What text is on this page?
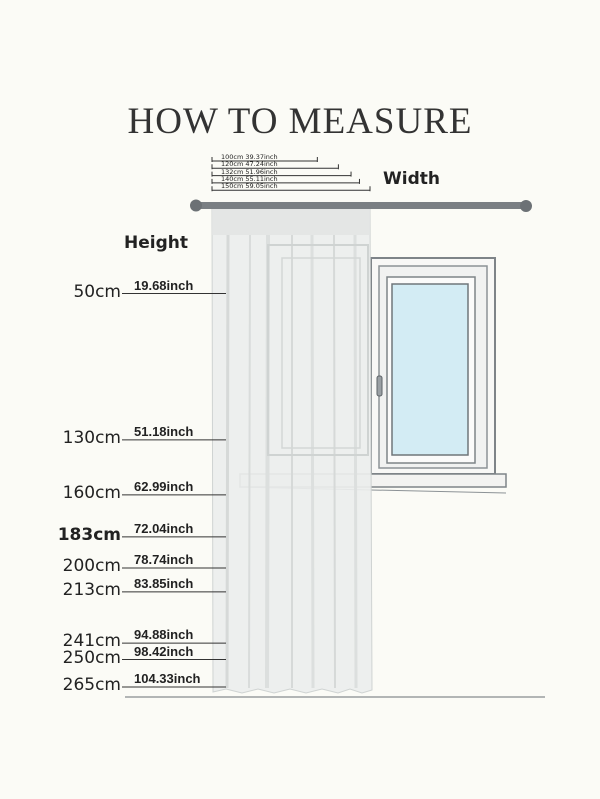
HOW TO MEASURE
Width
Height
100cm 39.37inch
120cm 47.24inch
132cm 51.96inch
140cm 55.11inch
150cm 59.05inch
50cm 19.68inch
130cm 51.18inch
160cm 62.99inch
183cm 72.04inch
200cm 78.74inch
213cm 83.85inch
241cm 94.88inch
250cm 98.42inch
265cm 104.33inch
